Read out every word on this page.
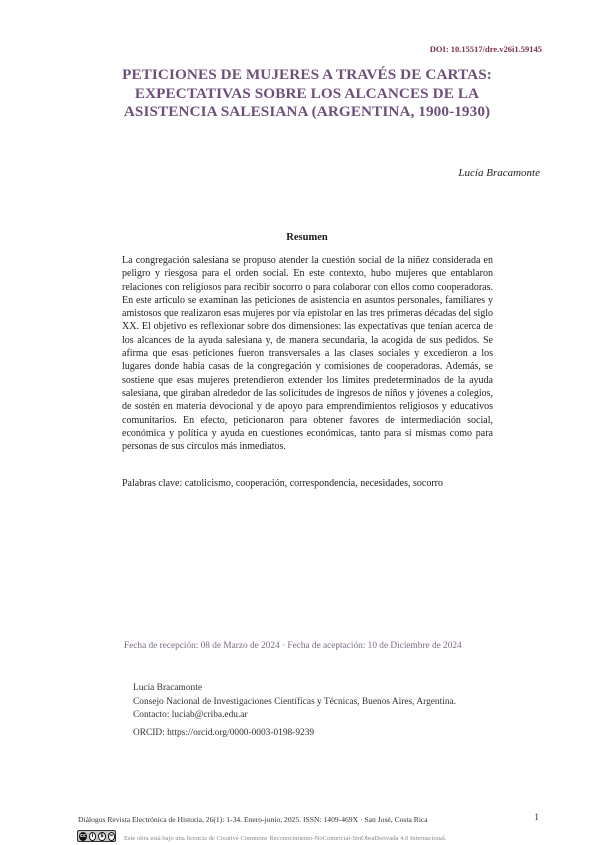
DOI: 10.15517/dre.v26i1.59145
PETICIONES DE MUJERES A TRAVÉS DE CARTAS:
EXPECTATIVAS SOBRE LOS ALCANCES DE LA
ASISTENCIA SALESIANA (ARGENTINA, 1900-1930)
Lucía Bracamonte
Resumen

La congregación salesiana se propuso atender la cuestión social de la niñez considerada en peligro y riesgosa para el orden social. En este contexto, hubo mujeres que entablaron relaciones con religiosos para recibir socorro o para colaborar con ellos como cooperadoras. En este artículo se examinan las peticiones de asistencia en asuntos personales, familiares y amistosos que realizaron esas mujeres por vía epistolar en las tres primeras décadas del siglo XX. El objetivo es reflexionar sobre dos dimensiones: las expectativas que tenían acerca de los alcances de la ayuda salesiana y, de manera secundaria, la acogida de sus pedidos. Se afirma que esas peticiones fueron transversales a las clases sociales y excedieron a los lugares donde había casas de la congregación y comisiones de cooperadoras. Además, se sostiene que esas mujeres pretendieron extender los límites predeterminados de la ayuda salesiana, que giraban alrededor de las solicitudes de ingresos de niños y jóvenes a colegios, de sostén en materia devocional y de apoyo para emprendimientos religiosos y educativos comunitarios. En efecto, peticionaron para obtener favores de intermediación social, económica y política y ayuda en cuestiones económicas, tanto para sí mismas como para personas de sus círculos más inmediatos.

Palabras clave: catolicismo, cooperación, correspondencia, necesidades, socorro
Fecha de recepción: 08 de Marzo de 2024 · Fecha de aceptación: 10 de Diciembre de 2024
Lucía Bracamonte
Consejo Nacional de Investigaciones Científicas y Técnicas, Buenos Aires, Argentina.
Contacto: luciab@criba.edu.ar
ORCID: https://orcid.org/0000-0003-0198-9239
Diálogos Revista Electrónica de Historia, 26(1): 1-34. Enero-junio, 2025. ISSN: 1409-469X · San José, Costa Rica	1
cc	i	$	= Este obra está bajo una licencia de Creative Commons Reconocimiento-NoComercial-SinObraDerivada 4.0 Internacional.
